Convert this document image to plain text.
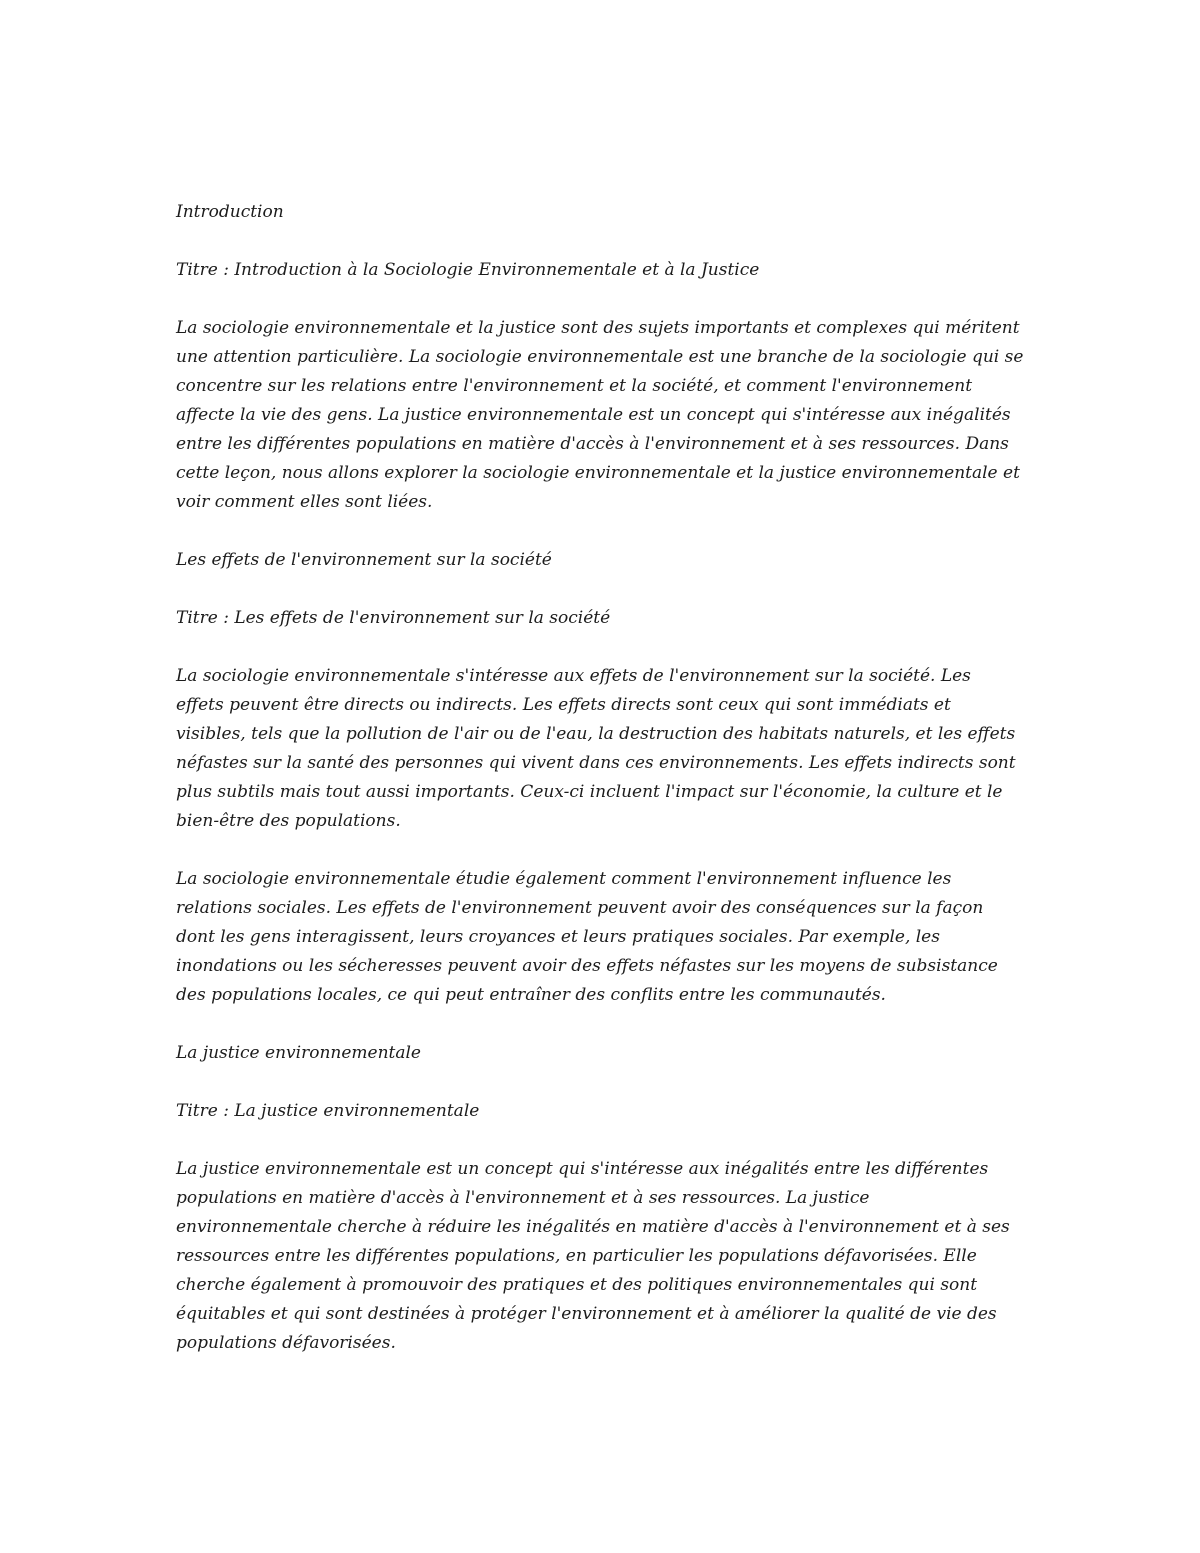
Introduction

Titre : Introduction à la Sociologie Environnementale et à la Justice

La sociologie environnementale et la justice sont des sujets importants et complexes qui méritent une attention particulière. La sociologie environnementale est une branche de la sociologie qui se concentre sur les relations entre l'environnement et la société, et comment l'environnement affecte la vie des gens. La justice environnementale est un concept qui s'intéresse aux inégalités entre les différentes populations en matière d'accès à l'environnement et à ses ressources. Dans cette leçon, nous allons explorer la sociologie environnementale et la justice environnementale et voir comment elles sont liées.

Les effets de l'environnement sur la société

Titre : Les effets de l'environnement sur la société

La sociologie environnementale s'intéresse aux effets de l'environnement sur la société. Les effets peuvent être directs ou indirects. Les effets directs sont ceux qui sont immédiats et visibles, tels que la pollution de l'air ou de l'eau, la destruction des habitats naturels, et les effets néfastes sur la santé des personnes qui vivent dans ces environnements. Les effets indirects sont plus subtils mais tout aussi importants. Ceux-ci incluent l'impact sur l'économie, la culture et le bien-être des populations.

La sociologie environnementale étudie également comment l'environnement influence les relations sociales. Les effets de l'environnement peuvent avoir des conséquences sur la façon dont les gens interagissent, leurs croyances et leurs pratiques sociales. Par exemple, les inondations ou les sécheresses peuvent avoir des effets néfastes sur les moyens de subsistance des populations locales, ce qui peut entraîner des conflits entre les communautés.

La justice environnementale

Titre : La justice environnementale

La justice environnementale est un concept qui s'intéresse aux inégalités entre les différentes populations en matière d'accès à l'environnement et à ses ressources. La justice environnementale cherche à réduire les inégalités en matière d'accès à l'environnement et à ses ressources entre les différentes populations, en particulier les populations défavorisées. Elle cherche également à promouvoir des pratiques et des politiques environnementales qui sont équitables et qui sont destinées à protéger l'environnement et à améliorer la qualité de vie des populations défavorisées.
